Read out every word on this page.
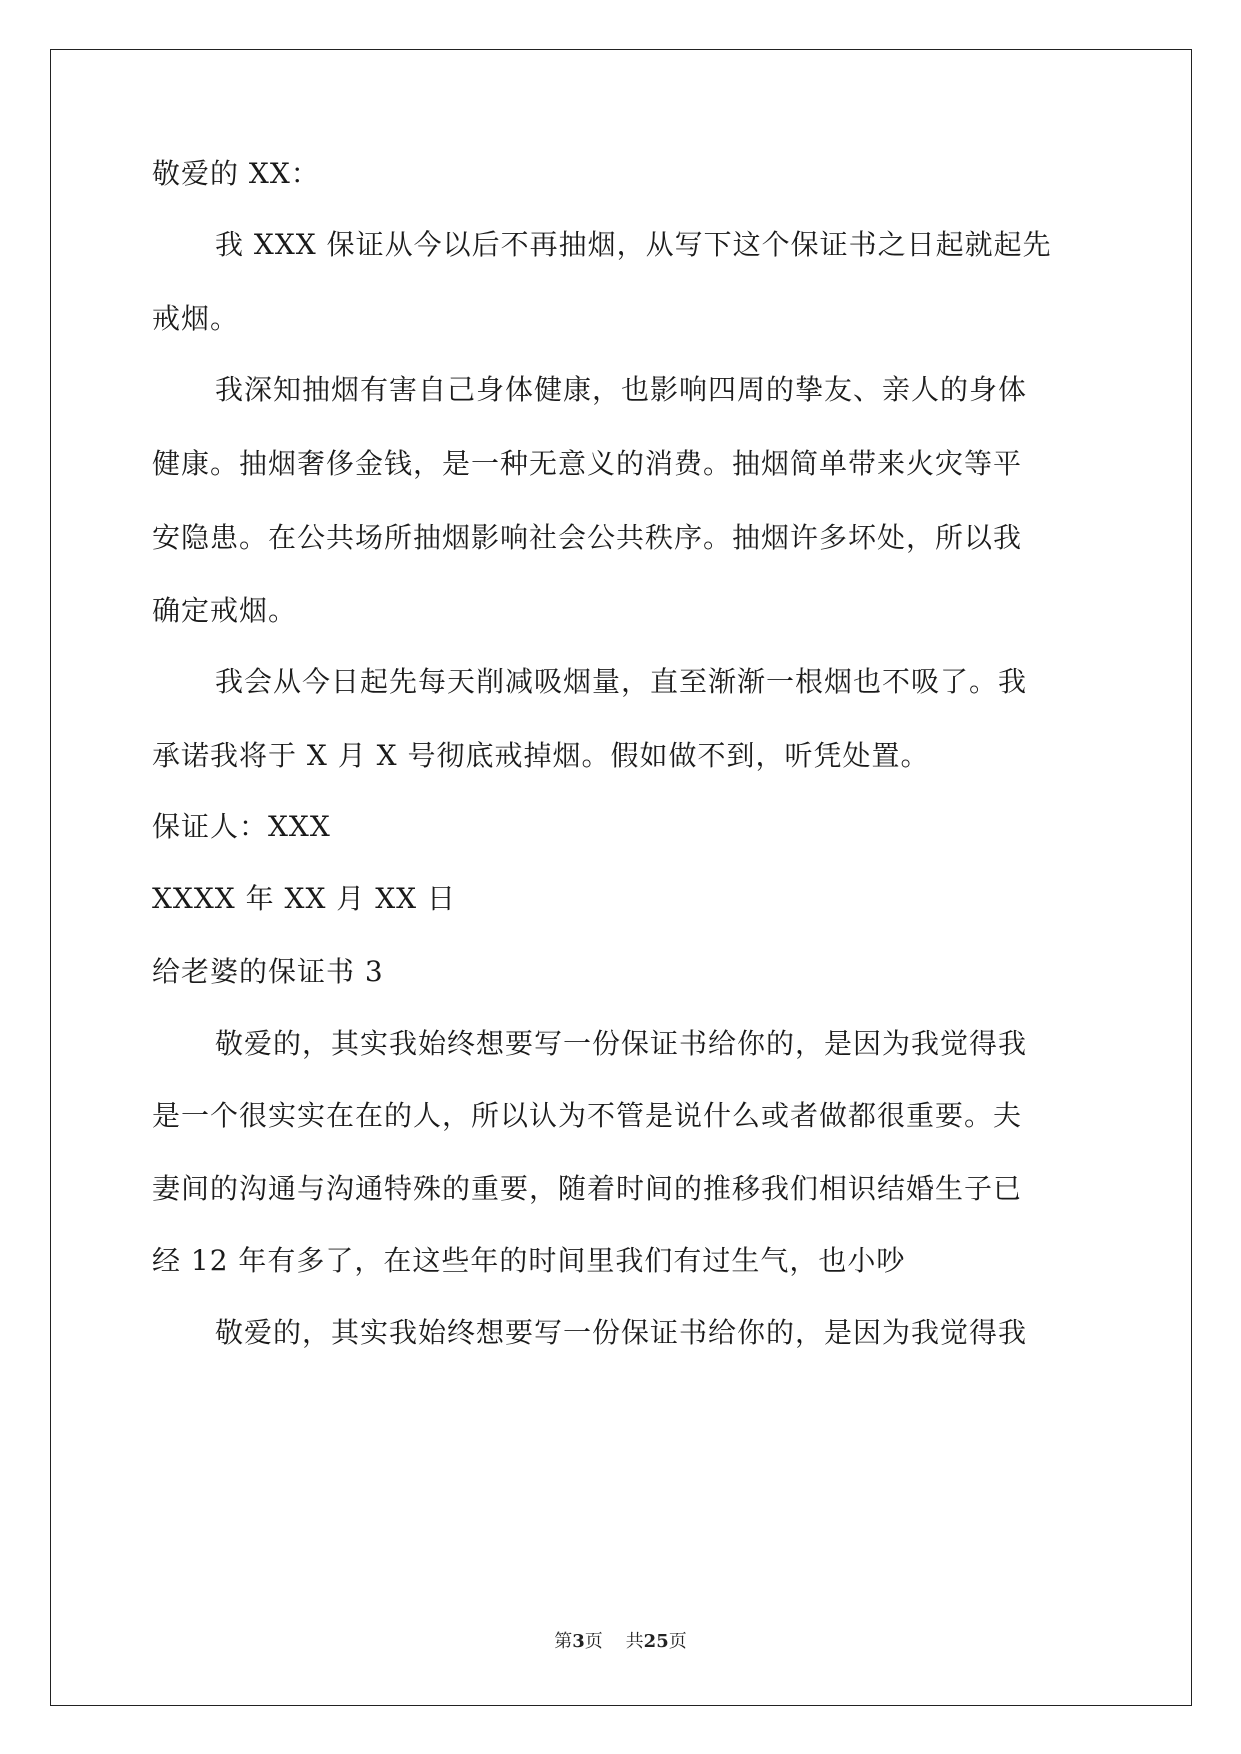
敬爱的 XX：
我 XXX 保证从今以后不再抽烟，从写下这个保证书之日起就起先
戒烟。
我深知抽烟有害自己身体健康，也影响四周的挚友、亲人的身体
健康。抽烟奢侈金钱，是一种无意义的消费。抽烟简单带来火灾等平
安隐患。在公共场所抽烟影响社会公共秩序。抽烟许多坏处，所以我
确定戒烟。
我会从今日起先每天削减吸烟量，直至渐渐一根烟也不吸了。我
承诺我将于 X 月 X 号彻底戒掉烟。假如做不到，听凭处置。
保证人：XXX
XXXX 年 XX 月 XX 日
给老婆的保证书 3
敬爱的，其实我始终想要写一份保证书给你的，是因为我觉得我
是一个很实实在在的人，所以认为不管是说什么或者做都很重要。夫
妻间的沟通与沟通特殊的重要，随着时间的推移我们相识结婚生子已
经 12 年有多了，在这些年的时间里我们有过生气，也小吵
敬爱的，其实我始终想要写一份保证书给你的，是因为我觉得我
第3页 共25页
